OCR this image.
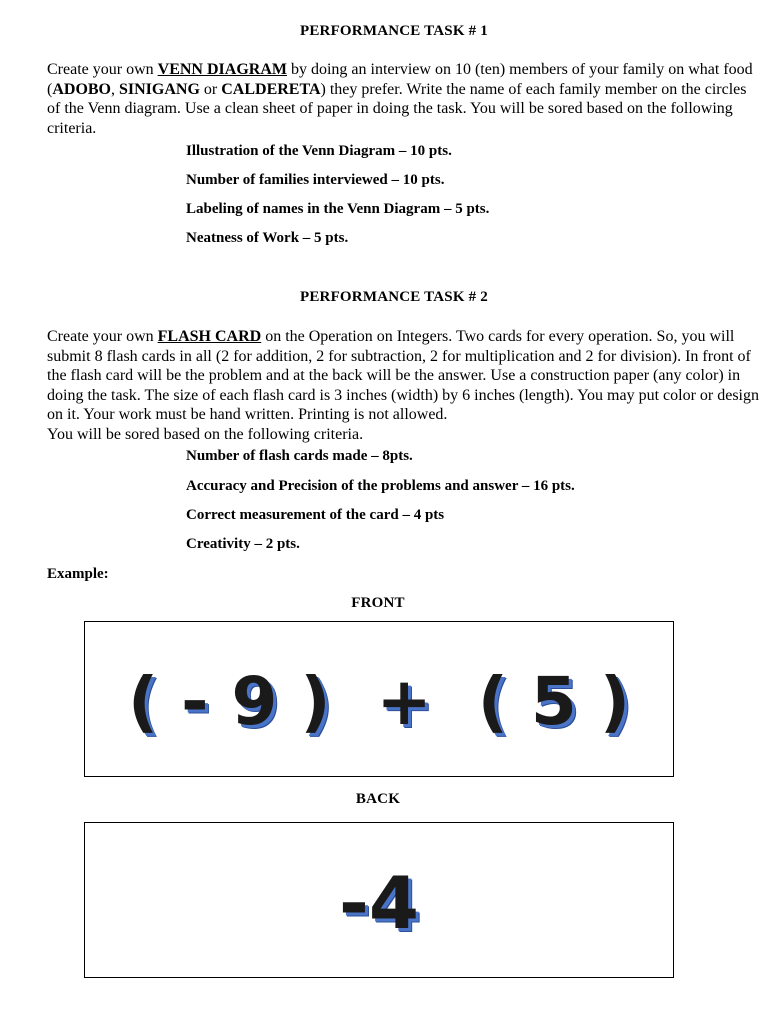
PERFORMANCE TASK # 1
Create your own VENN DIAGRAM by doing an interview on 10 (ten) members of your family on what food (ADOBO, SINIGANG or CALDERETA) they prefer. Write the name of each family member on the circles of the Venn diagram. Use a clean sheet of paper in doing the task. You will be sored based on the following criteria.
Illustration of the Venn Diagram – 10 pts.
Number of families interviewed – 10 pts.
Labeling of names in the Venn Diagram – 5 pts.
Neatness of Work – 5 pts.
PERFORMANCE TASK # 2
Create your own FLASH CARD on the Operation on Integers. Two cards for every operation. So, you will submit 8 flash cards in all (2 for addition, 2 for subtraction, 2 for multiplication and 2 for division). In front of the flash card will be the problem and at the back will be the answer. Use a construction paper (any color) in doing the task. The size of each flash card is 3 inches (width) by 6 inches (length). You may put color or design on it. Your work must be hand written. Printing is not allowed.
You will be sored based on the following criteria.
Number of flash cards made – 8pts.
Accuracy and Precision of the problems and answer – 16 pts.
Correct measurement of the card – 4 pts
Creativity – 2 pts.
Example:
FRONT
( - 9 )  +  ( 5 )
BACK
-4
